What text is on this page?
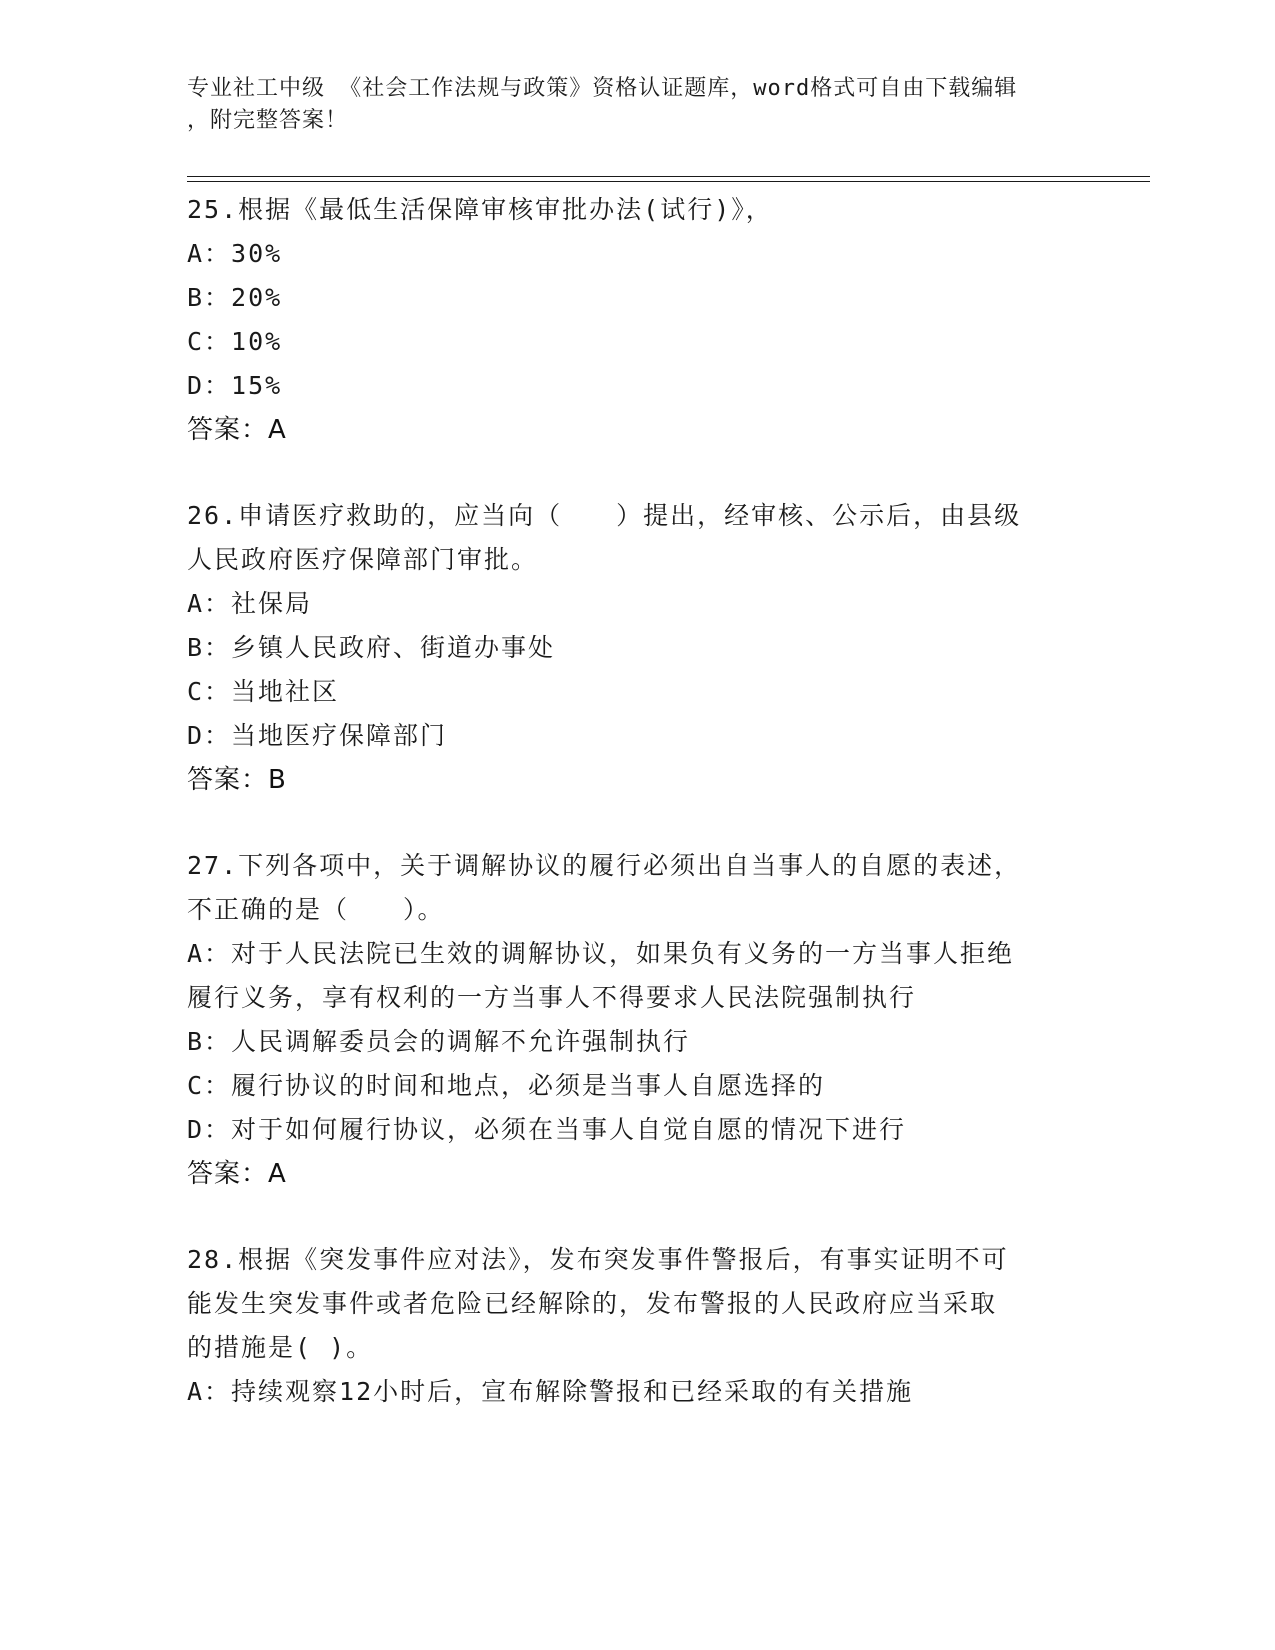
专业社工中级 《社会工作法规与政策》资格认证题库，word格式可自由下载编辑
，附完整答案！
25.根据《最低生活保障审核审批办法(试行)》，
A：30%
B：20%
C：10%
D：15%
答案：A
26.申请医疗救助的，应当向（　　）提出，经审核、公示后，由县级
人民政府医疗保障部门审批。
A：社保局
B：乡镇人民政府、街道办事处
C：当地社区
D：当地医疗保障部门
答案：B
27.下列各项中，关于调解协议的履行必须出自当事人的自愿的表述，
不正确的是（　　）。
A：对于人民法院已生效的调解协议，如果负有义务的一方当事人拒绝
履行义务，享有权利的一方当事人不得要求人民法院强制执行
B：人民调解委员会的调解不允许强制执行
C：履行协议的时间和地点，必须是当事人自愿选择的
D：对于如何履行协议，必须在当事人自觉自愿的情况下进行
答案：A
28.根据《突发事件应对法》，发布突发事件警报后，有事实证明不可
能发生突发事件或者危险已经解除的，发布警报的人民政府应当采取
的措施是( )。
A：持续观察12小时后，宣布解除警报和已经采取的有关措施
